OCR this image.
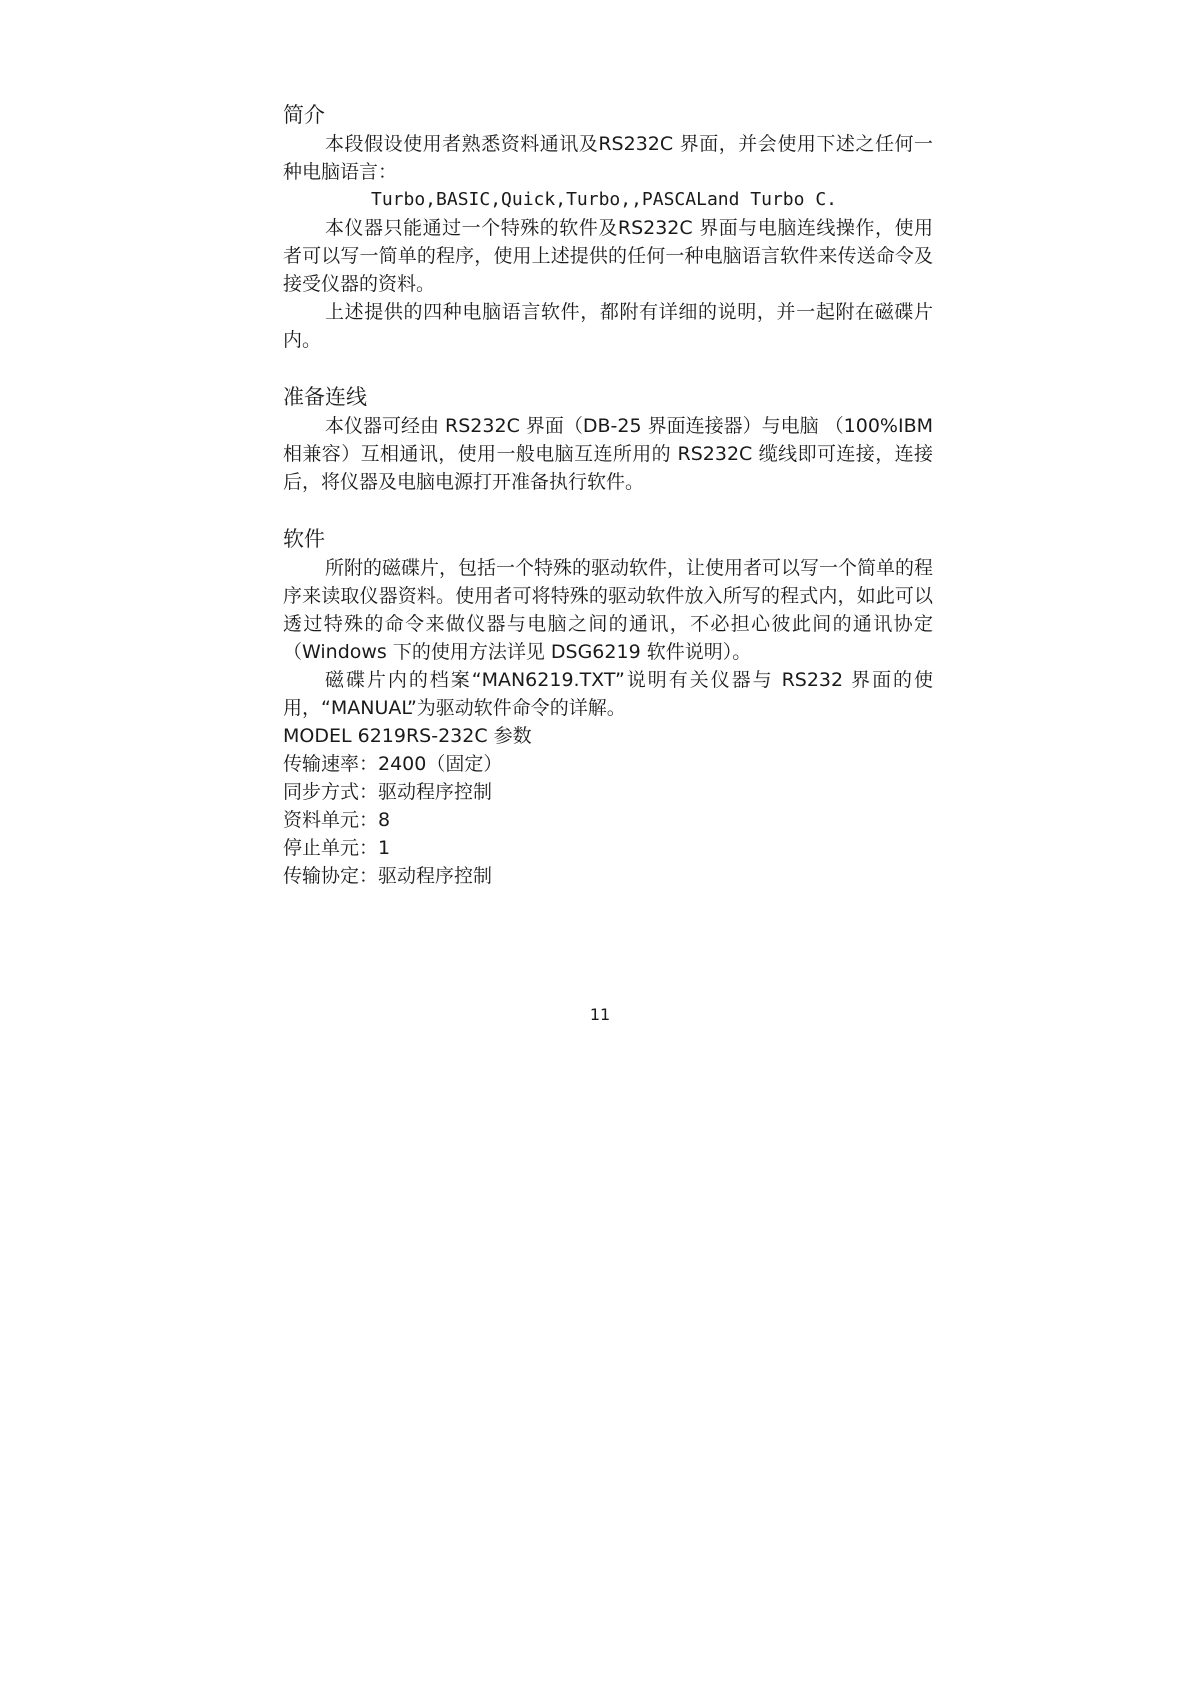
简介

本段假设使用者熟悉资料通讯及RS232C 界面，并会使用下述之任何一种电脑语言：

Turbo,BASIC,Quick,Turbo,,PASCALand Turbo C.

本仪器只能通过一个特殊的软件及RS232C 界面与电脑连线操作，使用者可以写一简单的程序，使用上述提供的任何一种电脑语言软件来传送命令及接受仪器的资料。

上述提供的四种电脑语言软件，都附有详细的说明，并一起附在磁碟片内。

准备连线

本仪器可经由 RS232C 界面（DB-25 界面连接器）与电脑 （100%IBM 相兼容）互相通讯，使用一般电脑互连所用的 RS232C 缆线即可连接，连接后，将仪器及电脑电源打开准备执行软件。

软件

所附的磁碟片，包括一个特殊的驱动软件，让使用者可以写一个简单的程序来读取仪器资料。使用者可将特殊的驱动软件放入所写的程式内，如此可以透过特殊的命令来做仪器与电脑之间的通讯，不必担心彼此间的通讯协定（Windows 下的使用方法详见 DSG6219 软件说明）。

磁碟片内的档案“MAN6219.TXT”说明有关仪器与 RS232 界面的使用，“MANUAL”为驱动软件命令的详解。

MODEL 6219RS-232C 参数

传输速率：2400（固定）

同步方式：驱动程序控制

资料单元：8

停止单元：1

传输协定：驱动程序控制

11
